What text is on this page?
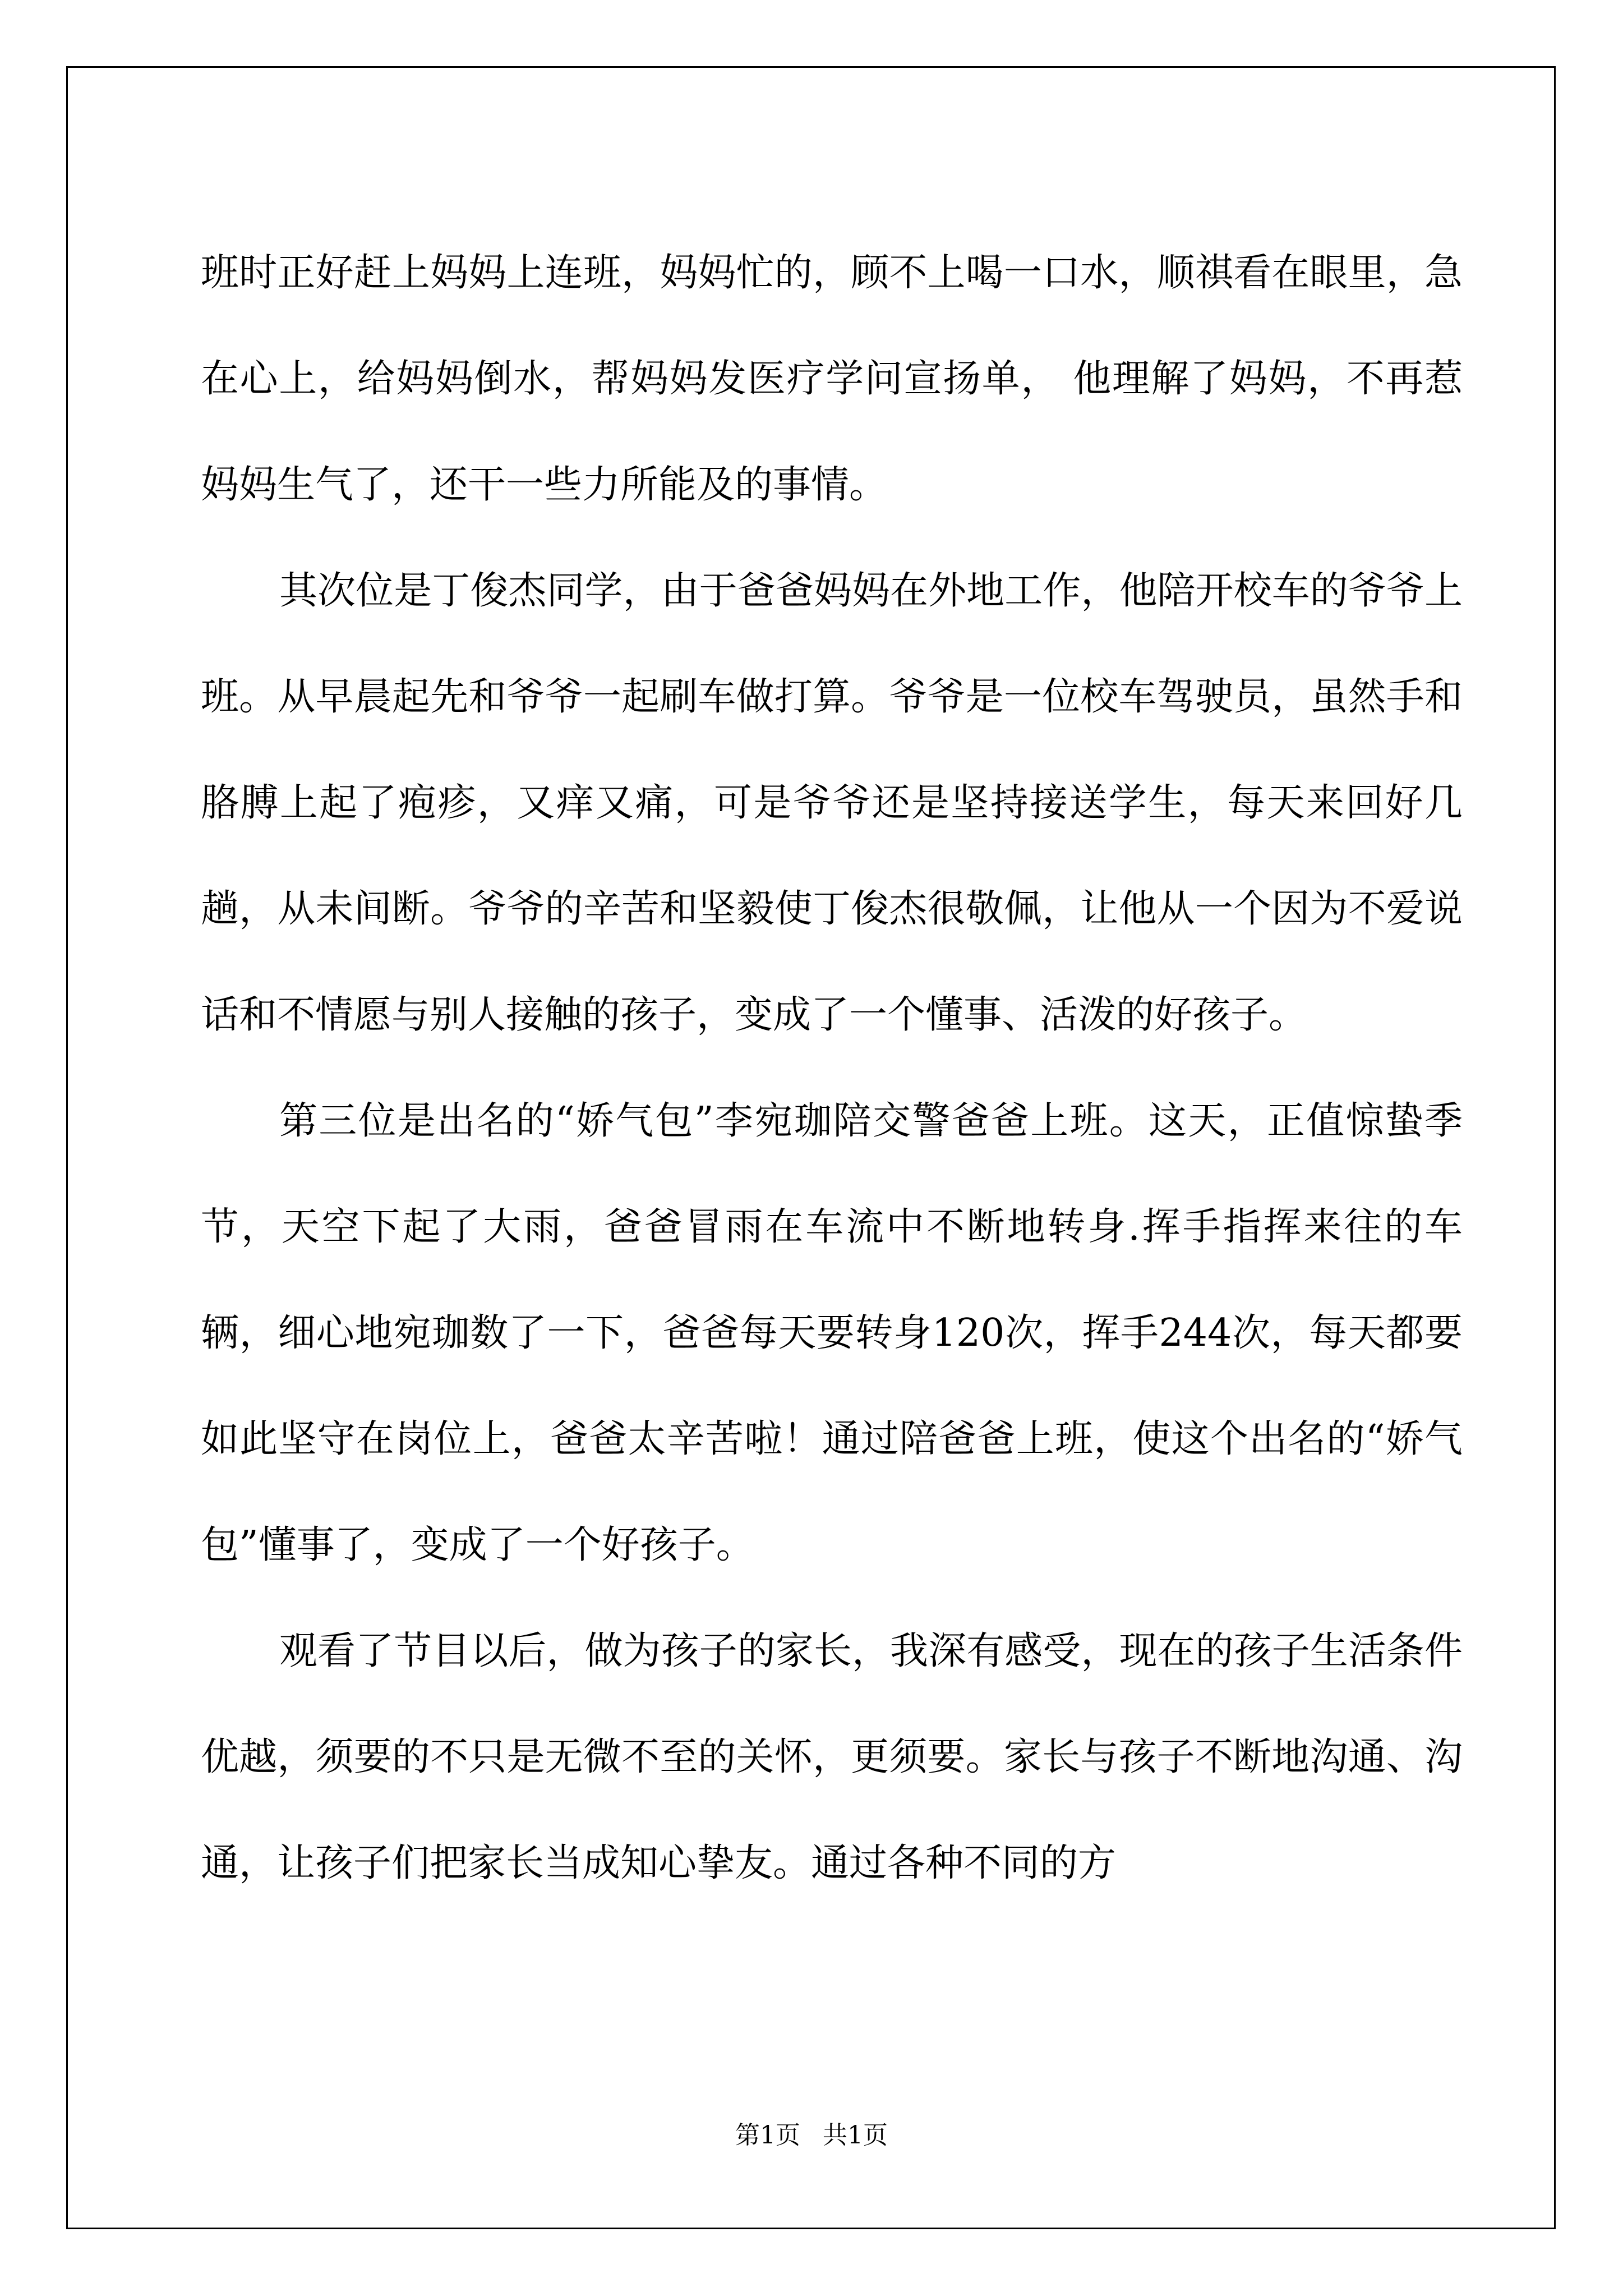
班时正好赶上妈妈上连班，妈妈忙的，顾不上喝一口水，顺祺看在眼里，急在心上，给妈妈倒水，帮妈妈发医疗学问宣扬单， 他理解了妈妈，不再惹妈妈生气了，还干一些力所能及的事情。

其次位是丁俊杰同学，由于爸爸妈妈在外地工作，他陪开校车的爷爷上班。从早晨起先和爷爷一起刷车做打算。爷爷是一位校车驾驶员，虽然手和胳膊上起了疱疹，又痒又痛，可是爷爷还是坚持接送学生，每天来回好几趟，从未间断。爷爷的辛苦和坚毅使丁俊杰很敬佩，让他从一个因为不爱说话和不情愿与别人接触的孩子，变成了一个懂事、活泼的好孩子。

第三位是出名的“娇气包”李宛珈陪交警爸爸上班。这天，正值惊蛰季节，天空下起了大雨，爸爸冒雨在车流中不断地转身.挥手指挥来往的车辆，细心地宛珈数了一下，爸爸每天要转身120次，挥手244次，每天都要如此坚守在岗位上，爸爸太辛苦啦！通过陪爸爸上班，使这个出名的“娇气包”懂事了，变成了一个好孩子。

观看了节目以后，做为孩子的家长，我深有感受，现在的孩子生活条件优越，须要的不只是无微不至的关怀，更须要。家长与孩子不断地沟通、沟通，让孩子们把家长当成知心挚友。通过各种不同的方

第1页 共1页
